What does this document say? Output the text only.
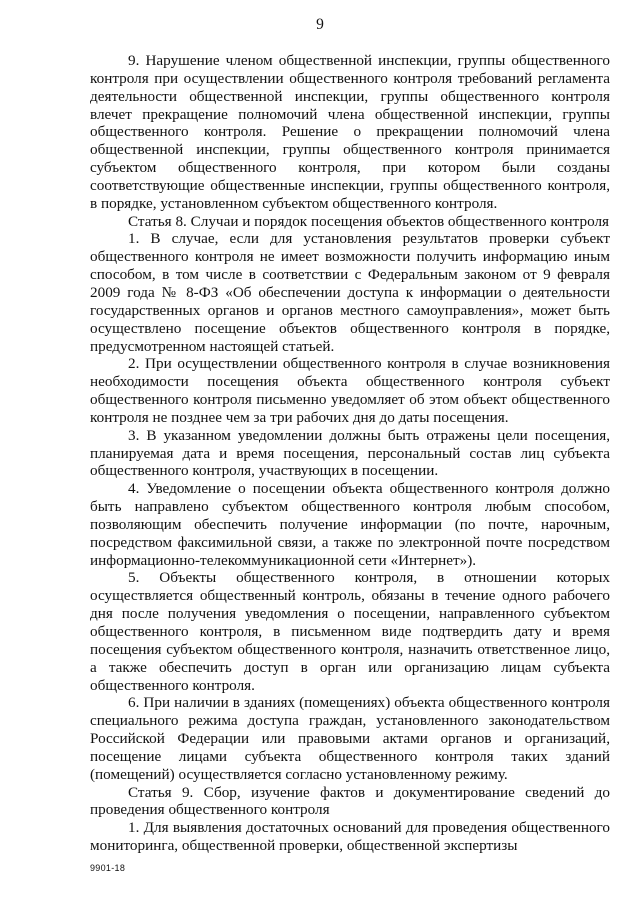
9

9. Нарушение членом общественной инспекции, группы общественного контроля при осуществлении общественного контроля требований регламента деятельности общественной инспекции, группы общественного контроля влечет прекращение полномочий члена общественной инспекции, группы общественного контроля. Решение о прекращении полномочий члена общественной инспекции, группы общественного контроля принимается субъектом общественного контроля, при котором были созданы соответствующие общественные инспекции, группы общественного контроля, в порядке, установленном субъектом общественного контроля.

Статья 8. Случаи и порядок посещения объектов общественного контроля

1. В случае, если для установления результатов проверки субъект общественного контроля не имеет возможности получить информацию иным способом, в том числе в соответствии с Федеральным законом от 9 февраля 2009 года № 8-ФЗ «Об обеспечении доступа к информации о деятельности государственных органов и органов местного самоуправления», может быть осуществлено посещение объектов общественного контроля в порядке, предусмотренном настоящей статьей.

2. При осуществлении общественного контроля в случае возникновения необходимости посещения объекта общественного контроля субъект общественного контроля письменно уведомляет об этом объект общественного контроля не позднее чем за три рабочих дня до даты посещения.

3. В указанном уведомлении должны быть отражены цели посещения, планируемая дата и время посещения, персональный состав лиц субъекта общественного контроля, участвующих в посещении.

4. Уведомление о посещении объекта общественного контроля должно быть направлено субъектом общественного контроля любым способом, позволяющим обеспечить получение информации (по почте, нарочным, посредством факсимильной связи, а также по электронной почте посредством информационно-телекоммуникационной сети «Интернет»).

5. Объекты общественного контроля, в отношении которых осуществляется общественный контроль, обязаны в течение одного рабочего дня после получения уведомления о посещении, направленного субъектом общественного контроля, в письменном виде подтвердить дату и время посещения субъектом общественного контроля, назначить ответственное лицо, а также обеспечить доступ в орган или организацию лицам субъекта общественного контроля.

6. При наличии в зданиях (помещениях) объекта общественного контроля специального режима доступа граждан, установленного законодательством Российской Федерации или правовыми актами органов и организаций, посещение лицами субъекта общественного контроля таких зданий (помещений) осуществляется согласно установленному режиму.

Статья 9. Сбор, изучение фактов и документирование сведений до проведения общественного контроля

1. Для выявления достаточных оснований для проведения общественного мониторинга, общественной проверки, общественной экспертизы

9901-18
